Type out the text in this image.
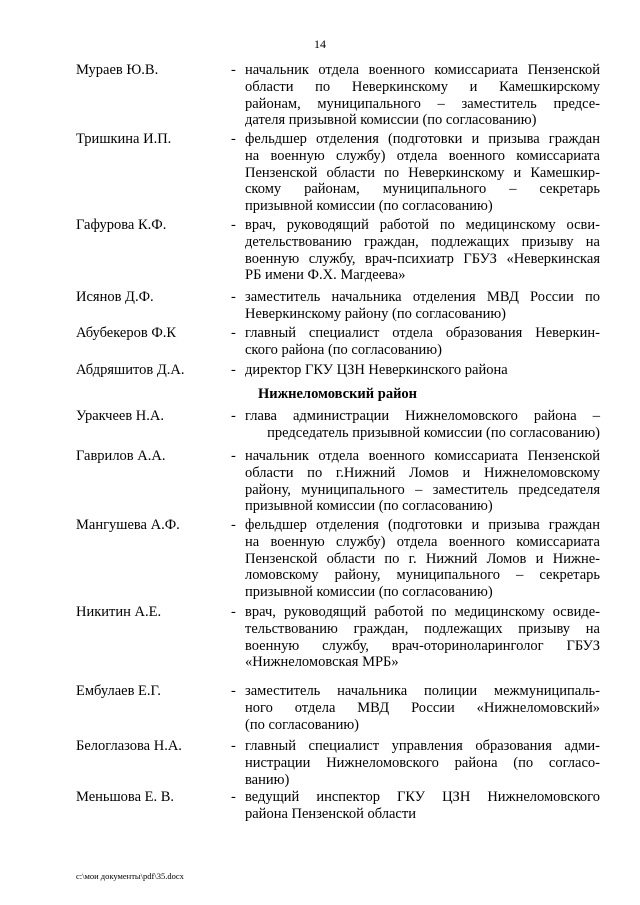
14
Нижнеломовский район
Мураев Ю.В.	- начальник отдела военного комиссариата Пензенской
области по Неверкинскому и Камешкирскому
районам, муниципального – заместитель предсе-
дателя призывной комиссии (по согласованию)
Тришкина И.П.	- фельдшер отделения (подготовки и призыва граждан
на военную службу) отдела военного комиссариата
Пензенской области по Неверкинскому и Камешкир-
скому районам, муниципального – секретарь
призывной комиссии (по согласованию)
Гафурова К.Ф.	- врач, руководящий работой по медицинскому осви-
детельствованию граждан, подлежащих призыву на
военную службу, врач-психиатр ГБУЗ «Неверкинская
РБ имени Ф.Х. Магдеева»
Исянов Д.Ф.	- заместитель начальника отделения МВД России по
Неверкинскому району (по согласованию)
Абубекеров Ф.К	- главный специалист отдела образования Неверкин-
ского района (по согласованию)
Абдряшитов Д.А.	- директор ГКУ ЦЗН Неверкинского района
Уракчеев Н.А.	- глава администрации Нижнеломовского района –
председатель призывной комиссии (по согласованию)
Гаврилов А.А.	- начальник отдела военного комиссариата Пензенской
области по г.Нижний Ломов и Нижнеломовскому
району, муниципального – заместитель председателя
призывной комиссии (по согласованию)
Мангушева А.Ф.	- фельдшер отделения (подготовки и призыва граждан
на военную службу) отдела военного комиссариата
Пензенской области по г. Нижний Ломов и Нижне-
ломовскому району, муниципального – секретарь
призывной комиссии (по согласованию)
Никитин А.Е.	- врач, руководящий работой по медицинскому освиде-
тельствованию граждан, подлежащих призыву на
военную службу, врач-оториноларинголог ГБУЗ
«Нижнеломовская МРБ»
Ембулаев Е.Г.	- заместитель начальника полиции межмуниципаль-
ного отдела МВД России «Нижнеломовский»
(по согласованию)
Белоглазова Н.А.	- главный специалист управления образования адми-
нистрации Нижнеломовского района (по согласо-
ванию)
Меньшова Е. В.	- ведущий инспектор ГКУ ЦЗН Нижнеломовского
района Пензенской области
c:\мои документы\pdf\35.docx
